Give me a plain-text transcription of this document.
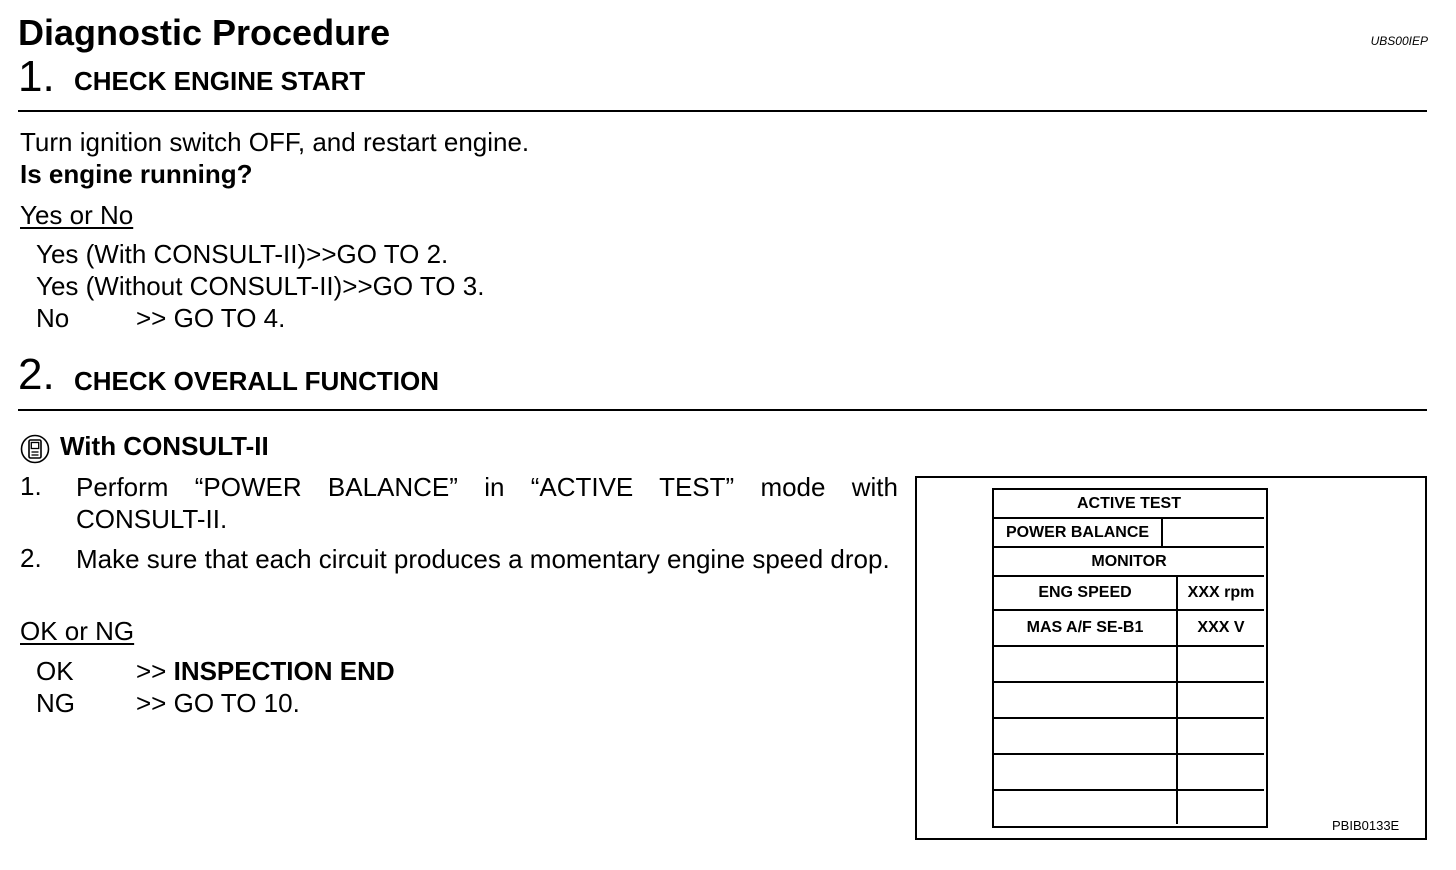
Diagnostic Procedure	UBS00IEP
1. CHECK ENGINE START
Turn ignition switch OFF, and restart engine.
Is engine running?
Yes or No
Yes (With CONSULT-II)>>GO TO 2.
Yes (Without CONSULT-II)>>GO TO 3.
No	>> GO TO 4.
2. CHECK OVERALL FUNCTION
With CONSULT-II
1. Perform “POWER BALANCE” in “ACTIVE TEST” mode with CONSULT-II.
2. Make sure that each circuit produces a momentary engine speed drop.
OK or NG
OK >> INSPECTION END
NG >> GO TO 10.
ACTIVE TEST
POWER BALANCE
MONITOR
ENG SPEED	XXX rpm
MAS A/F SE-B1	XXX V
PBIB0133E
